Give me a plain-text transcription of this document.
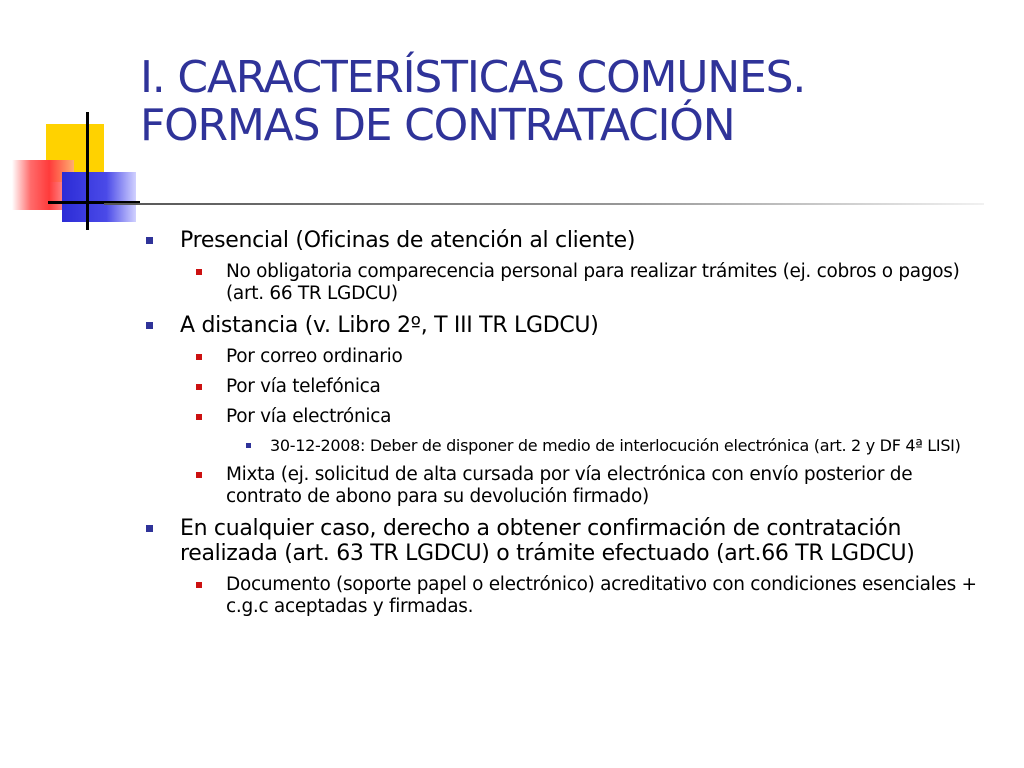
I. CARACTERÍSTICAS COMUNES.
FORMAS DE CONTRATACIÓN
Presencial (Oficinas de atención al cliente)
No obligatoria comparecencia personal para realizar trámites (ej. cobros o pagos) (art. 66 TR LGDCU)
A distancia (v. Libro 2º, T III TR LGDCU)
Por correo ordinario
Por vía telefónica
Por vía electrónica
30-12-2008: Deber de disponer de medio de interlocución electrónica (art. 2 y DF 4ª LISI)
Mixta (ej. solicitud de alta cursada por vía electrónica con envío posterior de contrato de abono para su devolución firmado)
En cualquier caso, derecho a obtener confirmación de contratación realizada (art. 63 TR LGDCU) o trámite efectuado (art.66 TR LGDCU)
Documento (soporte papel o electrónico) acreditativo con condiciones esenciales + c.g.c aceptadas y firmadas.
